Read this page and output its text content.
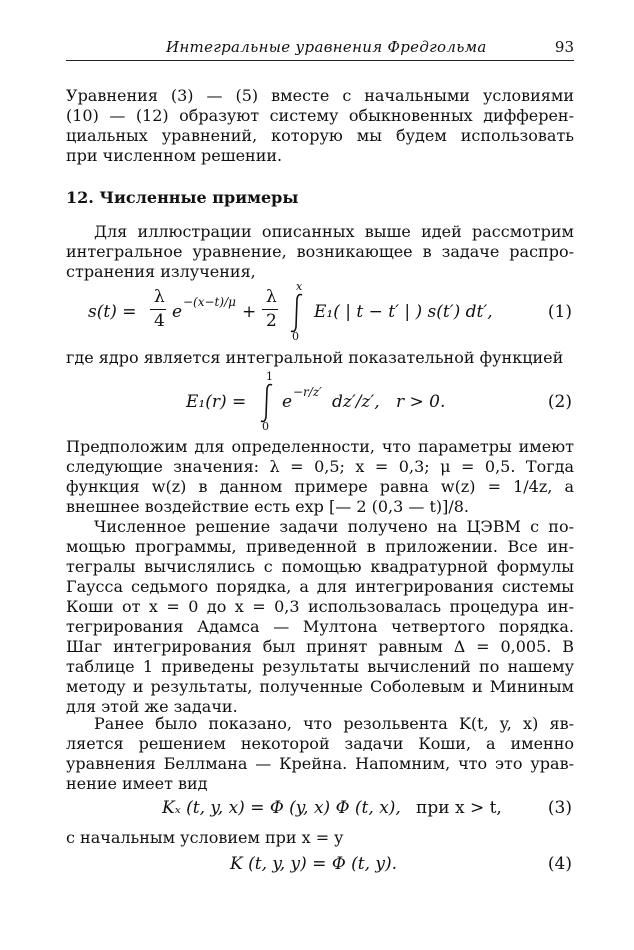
Интегральные уравнения Фредгольма	93

Уравнения (3) — (5) вместе с начальными условиями
(10) — (12) образуют систему обыкновенных дифферен-
циальных уравнений, которую мы будем использовать
при численном решении.

12. Численные примеры

Для иллюстрации описанных выше идей рассмотрим
интегральное уравнение, возникающее в задаче распро-
странения излучения,

s(t) =
λ
4 e −(x−t)/μ +
λ
2
x
0
E₁( | t − t′ | ) s(t′) dt′,	(1)

где ядро является интегральной показательной функцией

E₁(r) =
1
0
e −r/z′ dz′/z′, r > 0.	(2)

Предположим для определенности, что параметры имеют
следующие значения: λ = 0,5; x = 0,3; μ = 0,5. Тогда
функция w(z) в данном примере равна w(z) = 1/4z, а
внешнее воздействие есть exp [— 2 (0,3 — t)]/8.

Численное решение задачи получено на ЦЭВМ с по-
мощью программы, приведенной в приложении. Все ин-
тегралы вычислялись с помощью квадратурной формулы
Гаусса седьмого порядка, а для интегрирования системы
Коши от x = 0 до x = 0,3 использовалась процедура ин-
тегрирования Адамса — Мултона четвертого порядка.
Шаг интегрирования был принят равным Δ = 0,005. В
таблице 1 приведены результаты вычислений по нашему
методу и результаты, полученные Соболевым и Мининым
для этой же задачи.

Ранее было показано, что резольвента K(t, y, x) яв-
ляется решением некоторой задачи Коши, а именно
уравнения Беллмана — Крейна. Напомним, что это урав-
нение имеет вид

Kₓ (t, y, x) = Φ (y, x) Φ (t, x), при x > t,	(3)

с начальным условием при x = y

K (t, y, y) = Φ (t, y).	(4)
